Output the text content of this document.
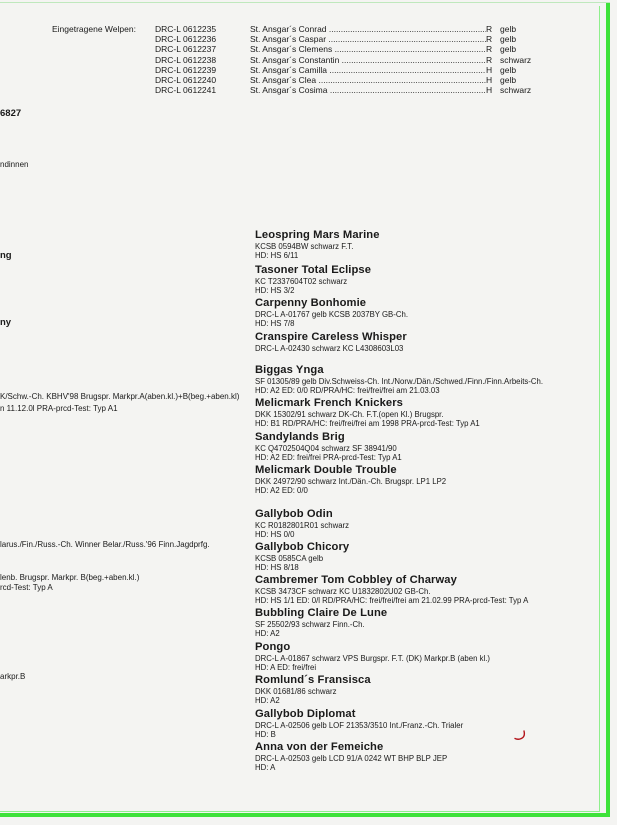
Eingetragene Welpen: DRC-L 0612235	St. Ansgar´s Conrad .....	R gelb
DRC-L 0612236	St. Ansgar´s Caspar .....	R gelb
DRC-L 0612237	St. Ansgar´s Clemens .....	R gelb
DRC-L 0612238	St. Ansgar´s Constantin .....	R schwarz
DRC-L 0612239	St. Ansgar´s Camilla .....	H gelb
DRC-L 0612240	St. Ansgar´s Clea .....	H gelb
DRC-L 0612241	St. Ansgar´s Cosima .....	H schwarz
6827
ndinnen
ng
ny
K/Schw.-Ch. KBHV'98 Brugspr. Markpr.A(aben.kl.)+B(beg.+aben.kl)
n 11.12.0l PRA-prcd-Test: Typ A1
larus./Fin./Russ.-Ch. Winner Belar./Russ.'96 Finn.Jagdprfg.
lenb. Brugspr. Markpr. B(beg.+aben.kl.)
rcd-Test: Typ A
arkpr.B
Leospring Mars Marine
KCSB 0594BW schwarz F.T.
HD: HS 6/11
Tasoner Total Eclipse
KC T2337604T02 schwarz
HD: HS 3/2
Carpenny Bonhomie
DRC-L A-01767 gelb KCSB 2037BY GB-Ch.
HD: HS 7/8
Cranspire Careless Whisper
DRC-L A-02430 schwarz KC L4308603L03
Biggas Ynga
SF 01305/89 gelb Div.Schweiss-Ch. Int./Norw./Dän./Schwed./Finn./Finn.Arbeits-Ch.
HD: A2 ED: 0/0 RD/PRA/HC: frei/frei/frei am 21.03.03
Melicmark French Knickers
DKK 15302/91 schwarz DK-Ch. F.T.(open Kl.) Brugspr.
HD: B1 RD/PRA/HC: frei/frei/frei am 1998 PRA-prcd-Test: Typ A1
Sandylands Brig
KC Q4702504Q04 schwarz SF 38941/90
HD: A2 ED: frei/frei PRA-prcd-Test: Typ A1
Melicmark Double Trouble
DKK 24972/90 schwarz Int./Dän.-Ch. Brugspr. LP1 LP2
HD: A2 ED: 0/0
Gallybob Odin
KC R0182801R01 schwarz
HD: HS 0/0
Gallybob Chicory
KCSB 0585CA gelb
HD: HS 8/18
Cambremer Tom Cobbley of Charway
KCSB 3473CF schwarz KC U1832802U02 GB-Ch.
HD: HS 1/1 ED: 0/l RD/PRA/HC: frei/frei/frei am 21.02.99 PRA-prcd-Test: Typ A
Bubbling Claire De Lune
SF 25502/93 schwarz Finn.-Ch.
HD: A2
Pongo
DRC-L A-01867 schwarz VPS Burgspr. F.T. (DK) Markpr.B (aben kl.)
HD: A ED: frei/frei
Romlund´s Fransisca
DKK 01681/86 schwarz
HD: A2
Gallybob Diplomat
DRC-L A-02506 gelb LOF 21353/3510 Int./Franz.-Ch. Trialer
HD: B
Anna von der Femeiche
DRC-L A-02503 gelb LCD 91/A 0242 WT BHP BLP JEP
HD: A
